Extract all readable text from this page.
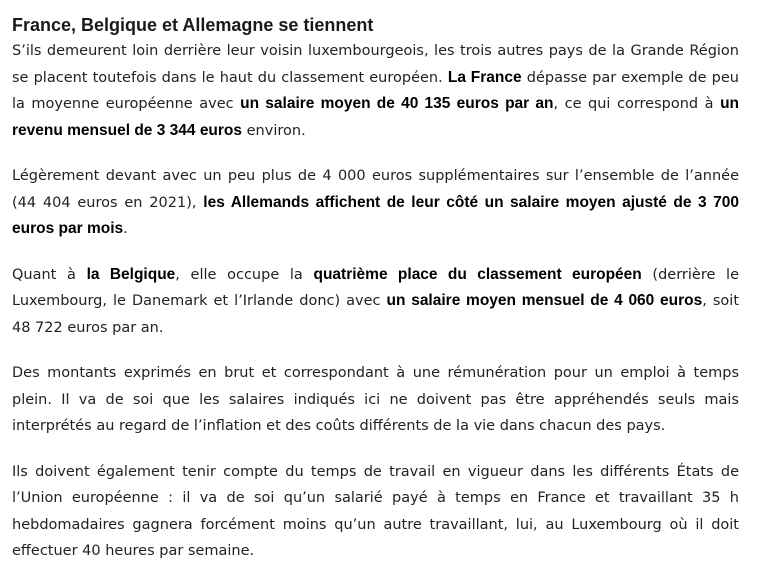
France, Belgique et Allemagne se tiennent

S’ils demeurent loin derrière leur voisin luxembourgeois, les trois autres pays de la Grande Région se placent toutefois dans le haut du classement européen. La France dépasse par exemple de peu la moyenne européenne avec un salaire moyen de 40 135 euros par an, ce qui correspond à un revenu mensuel de 3 344 euros environ.

Légèrement devant avec un peu plus de 4 000 euros supplémentaires sur l’ensemble de l’année (44 404 euros en 2021), les Allemands affichent de leur côté un salaire moyen ajusté de 3 700 euros par mois.

Quant à la Belgique, elle occupe la quatrième place du classement européen (derrière le Luxembourg, le Danemark et l’Irlande donc) avec un salaire moyen mensuel de 4 060 euros, soit 48 722 euros par an.

Des montants exprimés en brut et correspondant à une rémunération pour un emploi à temps plein. Il va de soi que les salaires indiqués ici ne doivent pas être appréhendés seuls mais interprétés au regard de l’inflation et des coûts différents de la vie dans chacun des pays.

Ils doivent également tenir compte du temps de travail en vigueur dans les différents États de l’Union européenne : il va de soi qu’un salarié payé à temps en France et travaillant 35 h hebdomadaires gagnera forcément moins qu’un autre travaillant, lui, au Luxembourg où il doit effectuer 40 heures par semaine.
